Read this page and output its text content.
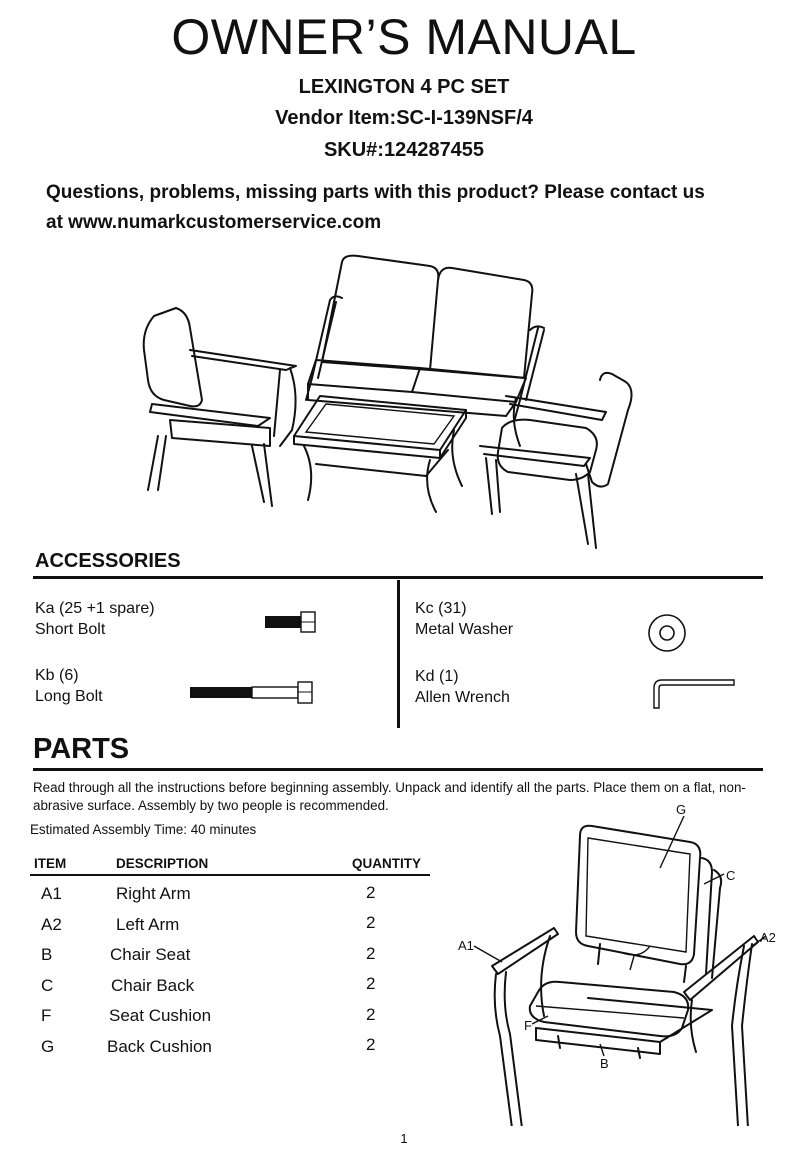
OWNER’S MANUAL
LEXINGTON 4 PC SET
Vendor Item:SC-I-139NSF/4
SKU#:124287455
Questions, problems, missing parts with this product? Please contact us
at www.numarkcustomerservice.com
ACCESSORIES
Ka (25 +1 spare)
Short Bolt
Kb (6)
Long Bolt
Kc (31)
Metal Washer
Kd (1)
Allen Wrench
PARTS
Read through all the instructions before beginning assembly. Unpack and identify all the parts. Place them on a flat, non-abrasive surface. Assembly by two people is recommended.
Estimated Assembly Time: 40 minutes
ITEM	DESCRIPTION	QUANTITY
A1	Right Arm	2
A2	Left Arm	2
B	Chair Seat	2
C	Chair Back	2
F	Seat Cushion	2
G	Back Cushion	2
G
C
A1
A2
F
B
1
